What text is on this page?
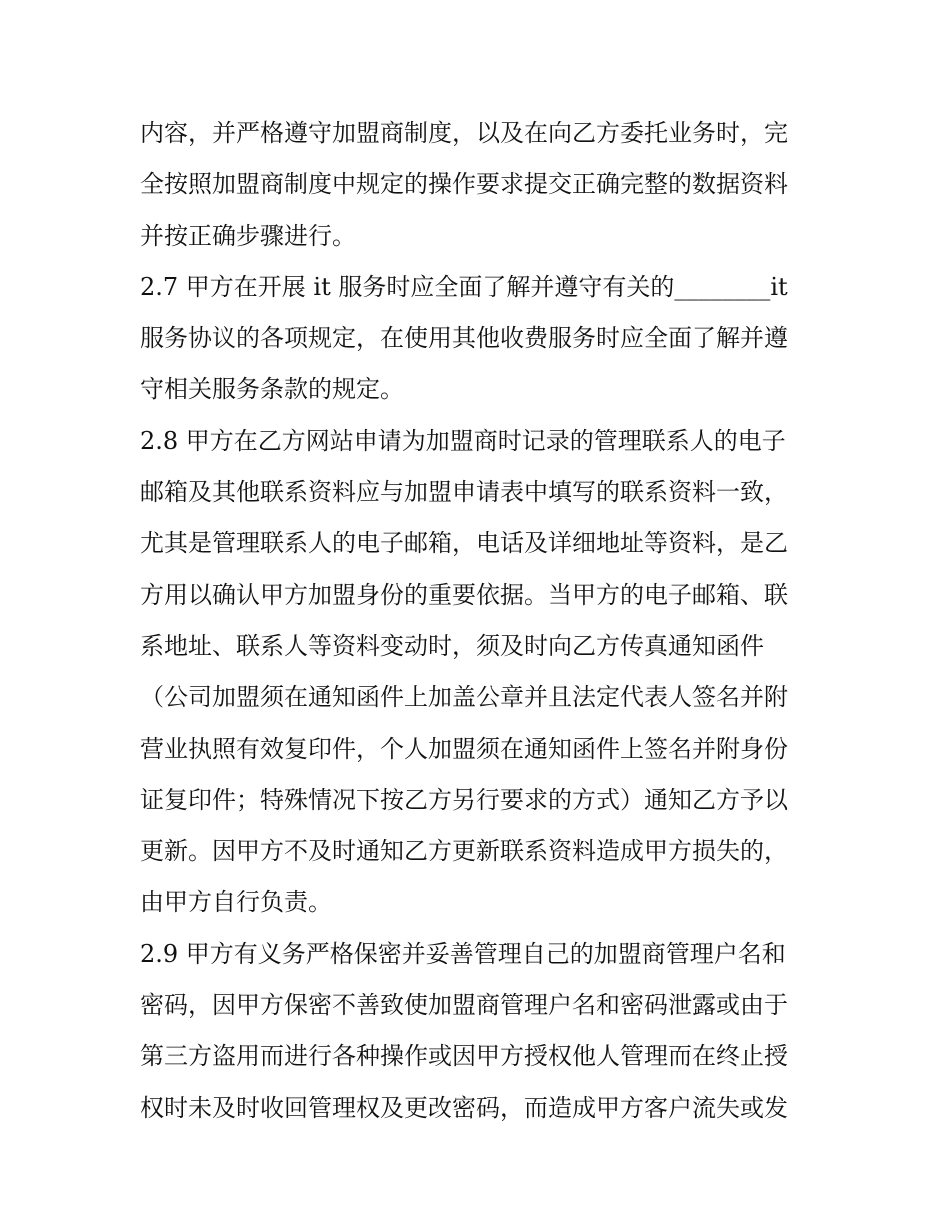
内容，并严格遵守加盟商制度，以及在向乙方委托业务时，完
全按照加盟商制度中规定的操作要求提交正确完整的数据资料
并按正确步骤进行。
2.7 甲方在开展 it 服务时应全面了解并遵守有关的________it
服务协议的各项规定，在使用其他收费服务时应全面了解并遵
守相关服务条款的规定。
2.8 甲方在乙方网站申请为加盟商时记录的管理联系人的电子
邮箱及其他联系资料应与加盟申请表中填写的联系资料一致，
尤其是管理联系人的电子邮箱，电话及详细地址等资料，是乙
方用以确认甲方加盟身份的重要依据。当甲方的电子邮箱、联
系地址、联系人等资料变动时，须及时向乙方传真通知函件
（公司加盟须在通知函件上加盖公章并且法定代表人签名并附
营业执照有效复印件，个人加盟须在通知函件上签名并附身份
证复印件；特殊情况下按乙方另行要求的方式）通知乙方予以
更新。因甲方不及时通知乙方更新联系资料造成甲方损失的，
由甲方自行负责。
2.9 甲方有义务严格保密并妥善管理自己的加盟商管理户名和
密码，因甲方保密不善致使加盟商管理户名和密码泄露或由于
第三方盗用而进行各种操作或因甲方授权他人管理而在终止授
权时未及时收回管理权及更改密码，而造成甲方客户流失或发
